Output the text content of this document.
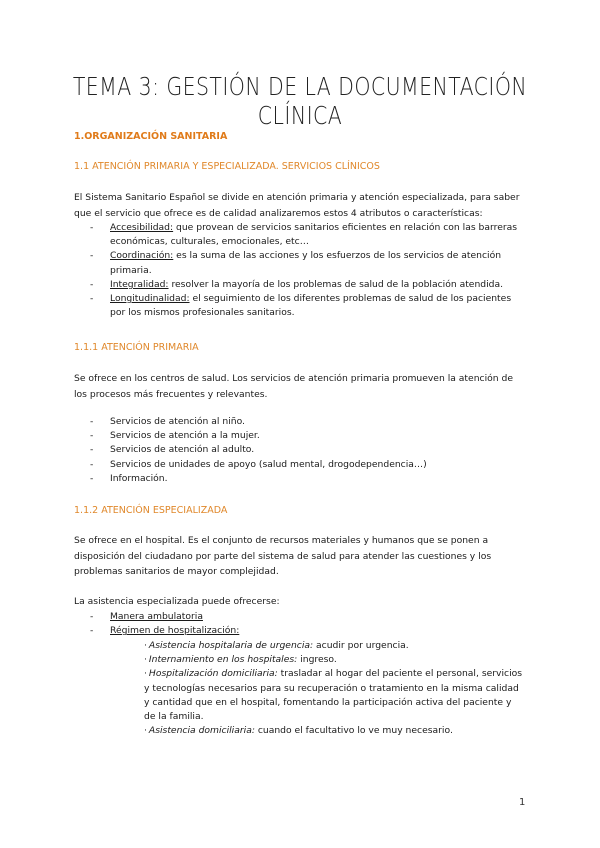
TEMA 3: GESTIÓN DE LA DOCUMENTACIÓN CLÍNICA
1.ORGANIZACIÓN SANITARIA
1.1 ATENCIÓN PRIMARIA Y ESPECIALIZADA. SERVICIOS CLÍNICOS
El Sistema Sanitario Español se divide en atención primaria y atención especializada, para saber que el servicio que ofrece es de calidad analizaremos estos 4 atributos o características:
- Accesibilidad: que provean de servicios sanitarios eficientes en relación con las barreras económicas, culturales, emocionales, etc…
- Coordinación: es la suma de las acciones y los esfuerzos de los servicios de atención primaria.
- Integralidad: resolver la mayoría de los problemas de salud de la población atendida.
- Longitudinalidad: el seguimiento de los diferentes problemas de salud de los pacientes por los mismos profesionales sanitarios.
1.1.1 ATENCIÓN PRIMARIA
Se ofrece en los centros de salud. Los servicios de atención primaria promueven la atención de los procesos más frecuentes y relevantes.
- Servicios de atención al niño.
- Servicios de atención a la mujer.
- Servicios de atención al adulto.
- Servicios de unidades de apoyo (salud mental, drogodependencia…)
- Información.
1.1.2 ATENCIÓN ESPECIALIZADA
Se ofrece en el hospital. Es el conjunto de recursos materiales y humanos que se ponen a disposición del ciudadano por parte del sistema de salud para atender las cuestiones y los problemas sanitarios de mayor complejidad.
La asistencia especializada puede ofrecerse:
- Manera ambulatoria
- Régimen de hospitalización:
· Asistencia hospitalaria de urgencia: acudir por urgencia.
· Internamiento en los hospitales: ingreso.
· Hospitalización domiciliaria: trasladar al hogar del paciente el personal, servicios y tecnologías necesarios para su recuperación o tratamiento en la misma calidad y cantidad que en el hospital, fomentando la participación activa del paciente y de la familia.
· Asistencia domiciliaria: cuando el facultativo lo ve muy necesario.
1
